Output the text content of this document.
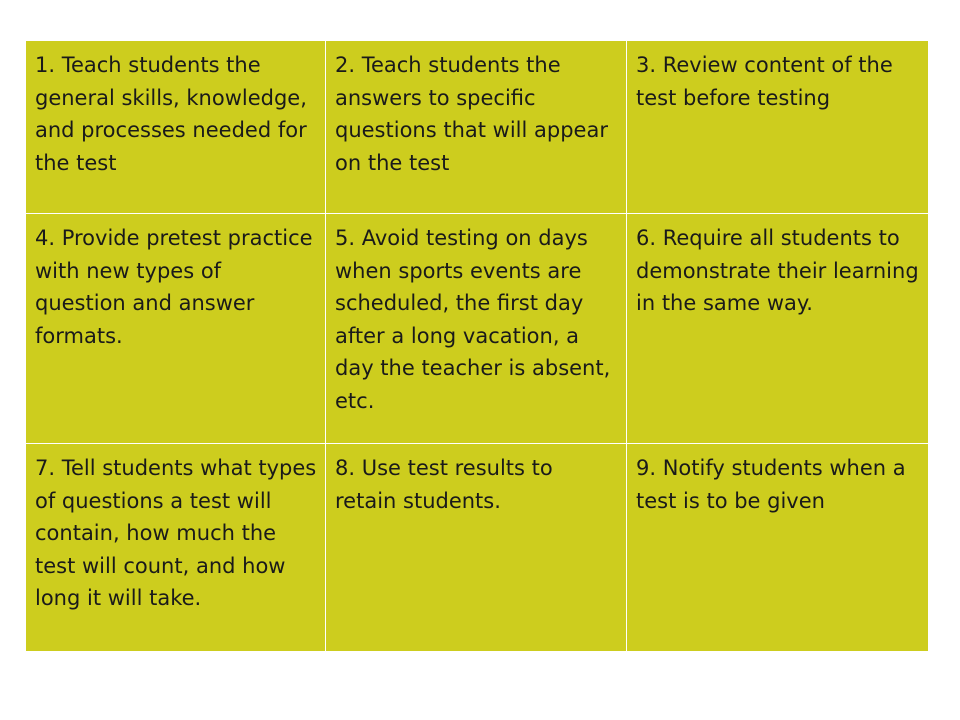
1. Teach students the general skills, knowledge, and processes needed for the test	2. Teach students the answers to specific questions that will appear on the test	3. Review content of the test before testing
4. Provide pretest practice with new types of question and answer formats.	5. Avoid testing on days when sports events are scheduled, the first day after a long vacation, a day the teacher is absent, etc.	6. Require all students to demonstrate their learning in the same way.
7. Tell students what types of questions a test will contain, how much the test will count, and how long it will take.	8. Use test results to retain students.	9. Notify students when a test is to be given
